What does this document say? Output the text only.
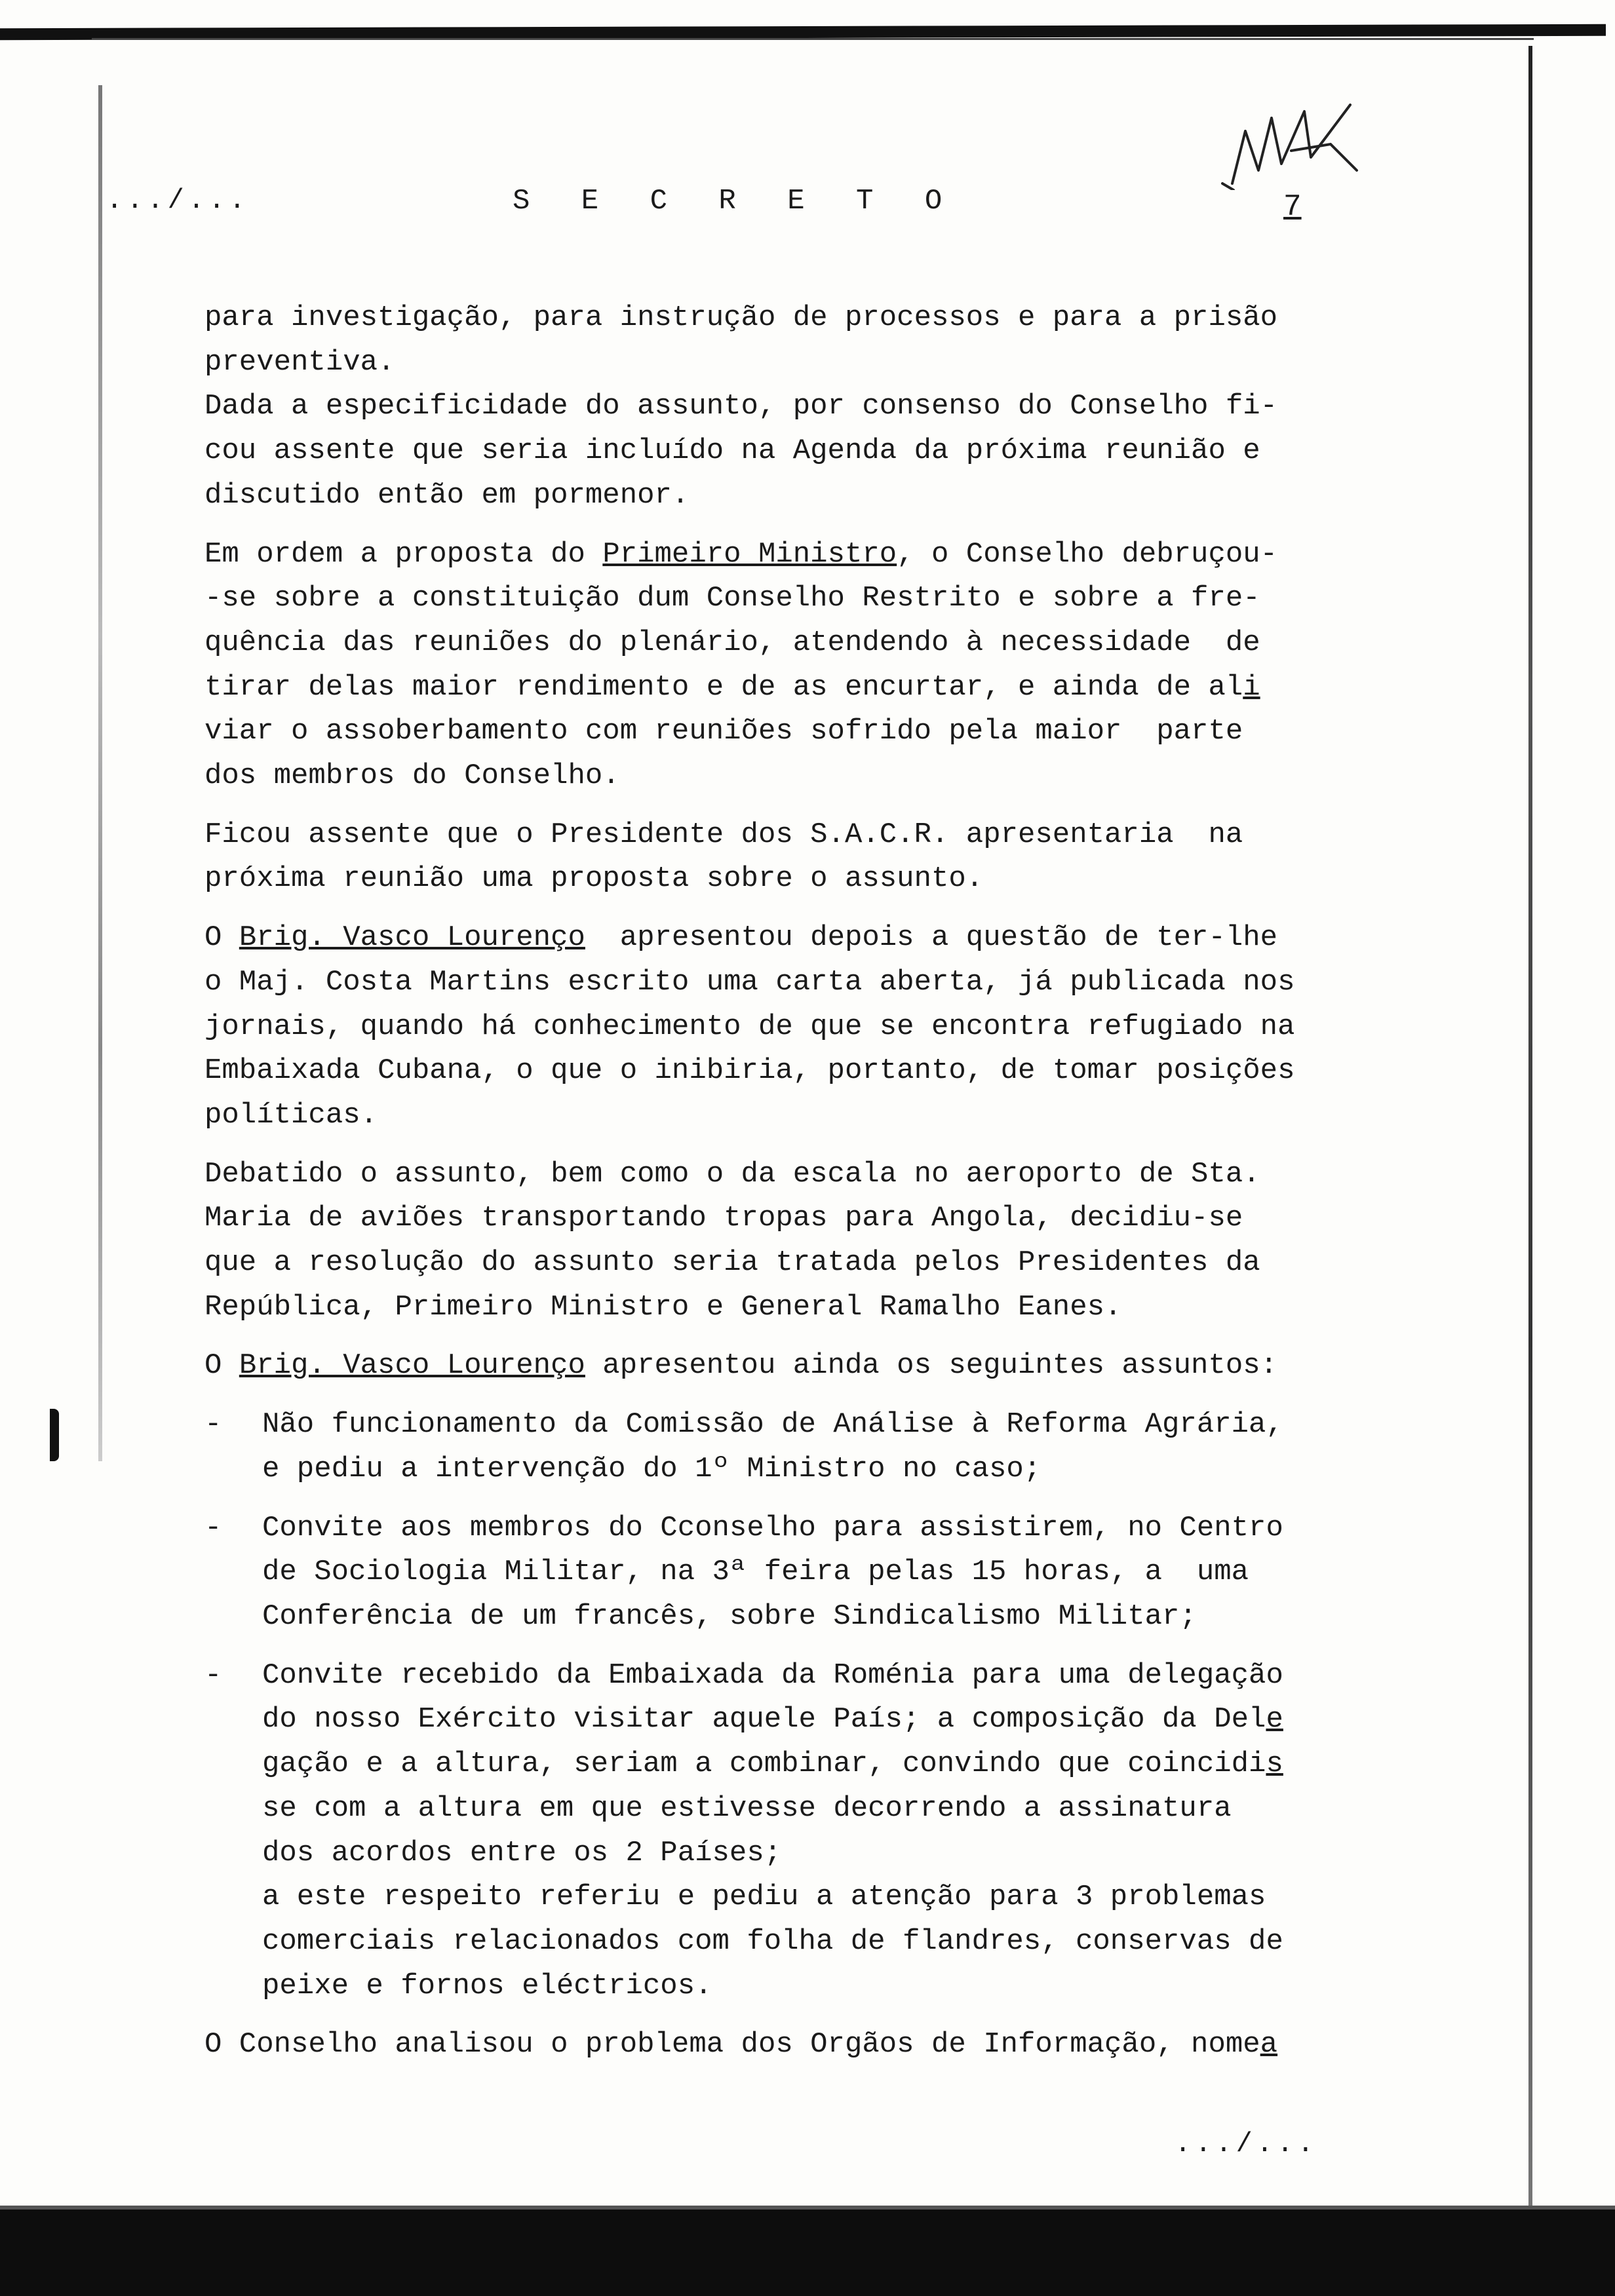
.../...	S E C R E T O	7

para investigação, para instrução de processos e para a prisão

preventiva.

Dada a especificidade do assunto, por consenso do Conselho fi-

cou assente que seria incluído na Agenda da próxima reunião e

discutido então em pormenor.

Em ordem a proposta do Primeiro Ministro, o Conselho debruçou-

-se sobre a constituição dum Conselho Restrito e sobre a fre-

quência das reuniões do plenário, atendendo à necessidade  de

tirar delas maior rendimento e de as encurtar, e ainda de ali

viar o assoberbamento com reuniões sofrido pela maior  parte

dos membros do Conselho.

Ficou assente que o Presidente dos S.A.C.R. apresentaria  na

próxima reunião uma proposta sobre o assunto.

O Brig. Vasco Lourenço  apresentou depois a questão de ter-lhe

o Maj. Costa Martins escrito uma carta aberta, já publicada nos

jornais, quando há conhecimento de que se encontra refugiado na

Embaixada Cubana, o que o inibiria, portanto, de tomar posições

políticas.

Debatido o assunto, bem como o da escala no aeroporto de Sta.

Maria de aviões transportando tropas para Angola, decidiu-se

que a resolução do assunto seria tratada pelos Presidentes da

República, Primeiro Ministro e General Ramalho Eanes.

O Brig. Vasco Lourenço apresentou ainda os seguintes assuntos:

- Não funcionamento da Comissão de Análise à Reforma Agrária,

e pediu a intervenção do 1º Ministro no caso;

- Convite aos membros do Cconselho para assistirem, no Centro

de Sociologia Militar, na 3ª feira pelas 15 horas, a  uma

Conferência de um francês, sobre Sindicalismo Militar;

- Convite recebido da Embaixada da Roménia para uma delegação

do nosso Exército visitar aquele País; a composição da Dele

gação e a altura, seriam a combinar, convindo que coincidis

se com a altura em que estivesse decorrendo a assinatura

dos acordos entre os 2 Países;

a este respeito referiu e pediu a atenção para 3 problemas

comerciais relacionados com folha de flandres, conservas de

peixe e fornos eléctricos.

O Conselho analisou o problema dos Orgãos de Informação, nomea

.../...
